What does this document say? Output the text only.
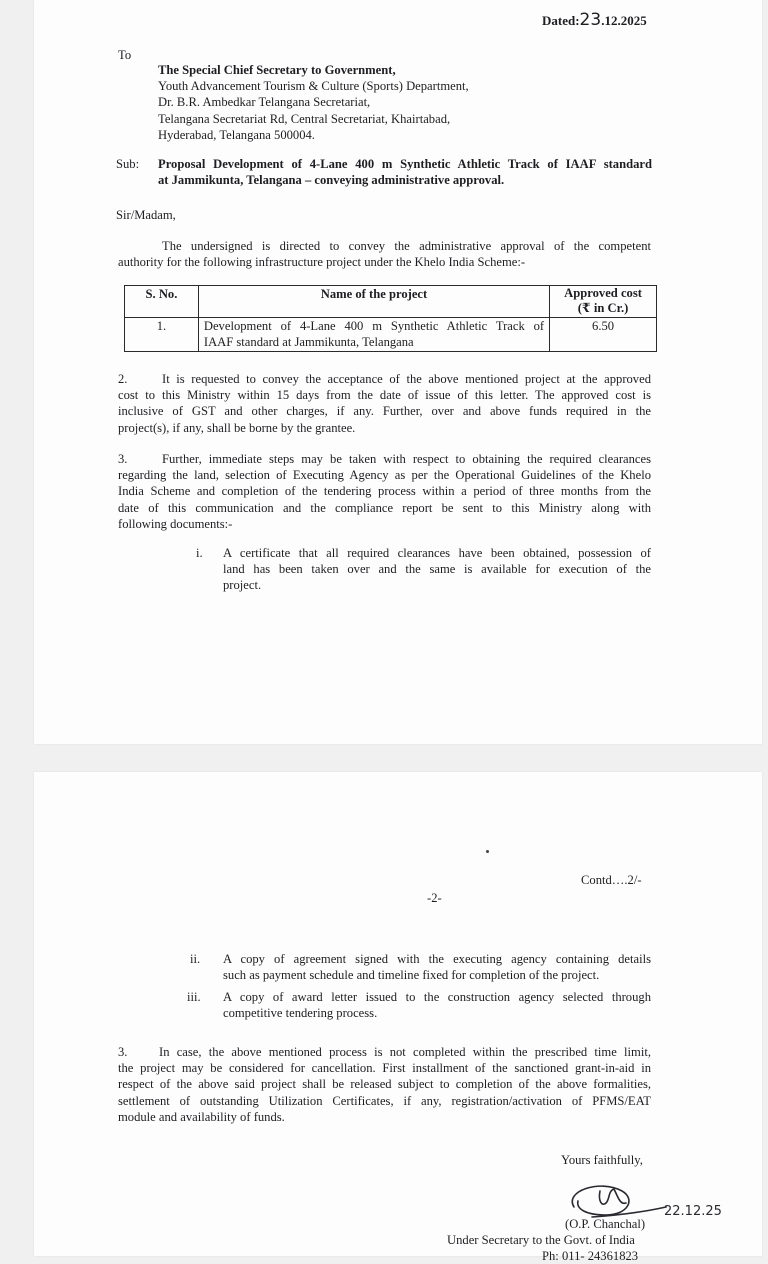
Dated:23.12.2025
To
The Special Chief Secretary to Government,
Youth Advancement Tourism & Culture (Sports) Department,
Dr. B.R. Ambedkar Telangana Secretariat,
Telangana Secretariat Rd, Central Secretariat, Khairtabad,
Hyderabad, Telangana 500004.
Sub: Proposal Development of 4-Lane 400 m Synthetic Athletic Track of IAAF standard
at Jammikunta, Telangana – conveying administrative approval.
Sir/Madam,
The undersigned is directed to convey the administrative approval of the competent
authority for the following infrastructure project under the Khelo India Scheme:-
S. No.	Name of the project	Approved cost
(₹ in Cr.)

1.	Development of 4-Lane 400 m Synthetic Athletic Track of
IAAF standard at Jammikunta, Telangana	6.50
2.	It is requested to convey the acceptance of the above mentioned project at the approved
cost to this Ministry within 15 days from the date of issue of this letter. The approved cost is
inclusive of GST and other charges, if any. Further, over and above funds required in the
project(s), if any, shall be borne by the grantee.
3.	Further, immediate steps may be taken with respect to obtaining the required clearances
regarding the land, selection of Executing Agency as per the Operational Guidelines of the Khelo
India Scheme and completion of the tendering process within a period of three months from the
date of this communication and the compliance report be sent to this Ministry along with
following documents:-
i. A certificate that all required clearances have been obtained, possession of
land has been taken over and the same is available for execution of the
project.
Contd….2/-
-2-
ii. A copy of agreement signed with the executing agency containing details
such as payment schedule and timeline fixed for completion of the project.
iii. A copy of award letter issued to the construction agency selected through
competitive tendering process.
3.	In case, the above mentioned process is not completed within the prescribed time limit,
the project may be considered for cancellation. First installment of the sanctioned grant-in-aid in
respect of the above said project shall be released subject to completion of the above formalities,
settlement of outstanding Utilization Certificates, if any, registration/activation of PFMS/EAT
module and availability of funds.
Yours faithfully,
22.12.25
(O.P. Chanchal)
Under Secretary to the Govt. of India
Ph: 011- 24361823
